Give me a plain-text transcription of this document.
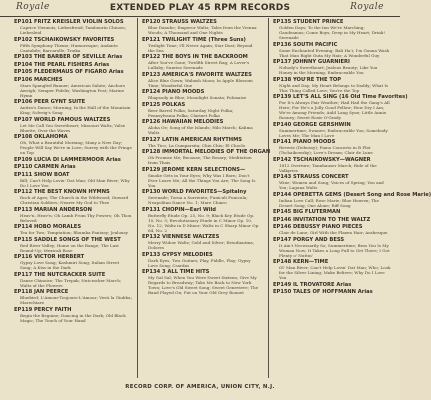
Royale	EXTENDED PLAY 45 RPM RECORDS	Royale
EP101 FRITZ KREISLER VIOLIN SOLOS
Caprice Viennois; Liebesfreud; Tambourin Chinois; Liebesleid
EP102 TSCHAIKOWSKY FAVORITES
Fifth Symphony Theme; Humoresque; Andante Cantabile; Barcarolle; Troika
EP103 THE BARBER OF SEVILLE Arias
EP104 THE PEARL FISHERS Arias
EP105 FLEDERMAUS OF FIGARO Arias
EP106 MARCHES
Stars Spangled Banner; American Salute; Anchors Aweigh; Semper Fidelis; Washington Post; Marine Hymn
EP106 PEER GYNT SUITE
Anitra's Dance; Morning; In the Hall of the Mountain King; Solveig's Song
EP107 WORLD FAMOUS WALTZES
Let Me Call You Sweetheart; Missouri Waltz; Valse Bluette; Over the Waves
EP108 OKLAHOMA
Oh, What a Beautiful Morning; Many a New Day; People Will Say We're in Love; Surrey with the Fringe on Top
EP109 LUCIA DI LAMMERMOOR Arias
EP110 CARMEN Arias
EP111 SHOW BOAT
Bill; Can't Help Lovin' Dat Man; Old Man River; Why Do I Love You
EP112 THE BEST KNOWN HYMNS
Rock of Ages; The Church in the Wildwood; Onward Christian Soldiers; Nearer My God to Thee
EP113 MARIAN ANDERSON
Heav'n, Heav'n; Oh Lamb From Thy Powers; Oh Thou Beloved
EP114 HOBO MORALES
Tea for Two; Temptation; Rhumba Fantasy; Jealousy
EP115 SADDLE SONGS OF THE WEST
Red River Valley; Home on the Range; The Last Round-Up; Mexicali Rose
EP116 VICTOR HERBERT
Gypsy Love Song; Kashmiri Song; Italian Street Song; A Kiss in the Dark
EP117 THE NUTCRACKER SUITE
Danse Chinoise; The Trepak; Nutcracker March; Waltz of the Flowers
EP118 JAN PEERCE
Bluebird; L'Amour-Toujours-L'Amour; Vesti la Giubba; Marechiare
EP119 PERCY FAITH
Begin the Beguine; Dancing in the Dark; Old Black Magic; The Touch of Your Hand
EP120 STRAUSS WALTZES
Blue Danube; Emperor Waltz; Tales from the Vienna Woods; A Thousand and One Nights
EP121 TWILIGHT TIME (Three Suns)
Twilight Time; I'll Never Again; Star Dust; Beyond the Sea
EP122 THE BOYS IN THE BACKROOM
After You've Gone; Twelfth Street Rag; A Lover's Lullaby; Sunrise Serenade
EP123 AMERICA'S FAVORITE WALTZES
Alice Blue Gown; Wabash Moon; In Apple Blossom Time; Wonderful One
EP124 PIANO MOODS
Rhapsody in Blue; Moonlight Sonata; Polonaise
EP125 POLKAS
Beer Barrel Polka; Saturday Night Polka; Pennsylvania Polka; Clarinet Polka
EP126 HAWAIIAN MELODIES
Aloha Oe; Song of the Islands; Hilo March; Kalima Waltz
EP127 LATIN AMERICAN RHYTHMS
The Tico; La Cumparsita; Chiu Chiu; El Choclo
EP128 IMMORTAL MELODIES OF THE ORGAN
Oh Promise Me; Because; The Rosary; Meditation from Thais
EP129 JEROME KERN SELECTIONS—
Smoke Gets in Your Eyes; Why Was I Born; Don't Ever Leave Me; All the Things You Are; The Song Is You
EP130 WORLD FAVORITES—Spitalny
Serenade; Torna a Surriento; Funiculi Funicula; Neapolitan Dance No. 1; Mare Chiaro
EP131 CHOPIN—Earl Wild
Butterfly Etude Op. 25, No. 9; Black Key Etude Op. 10, No. 5; Revolutionary Etude in C Minor Op. 10, No. 12; Waltz in D Minor; Waltz in C Sharp Minor Op. 64, No. 2
EP132 VIENNESE WALTZES
Merry Widow Waltz; Gold and Silver; Estudiantina; Dolores
EP133 GYPSY MELODIES
Dark Eyes; Two Guitars; Play, Fiddle, Play; Gypsy Love Song; Csardas
EP134 3 ALL TIME HITS
My Gal Sal; When You Were Sweet Sixteen; Give My Regards to Broadway; Take Me Back to New York Town; Love's Old Sweet Song; Sweet Genevieve; The Band Played On; Put on Your Old Grey Bonnet
EP135 STUDENT PRINCE
Golden Days; To the Inn We're Marching; Gaudeamus; Come Boys; Deep in My Heart; Drink! Serenade
EP136 SOUTH PACIFIC
Some Enchanted Evening; Bali Ha'i; I'm Gonna Wash That Man Right Outa My Hair; A Wonderful Guy
EP137 JOHNNY GUARNIERI
Nobody's Sweetheart; Jealous Beauty; Like You Honey in the Morning; Embraceable You
EP138 YOU'RE THE TOP
Night and Day; My Heart Belongs to Daddy; What Is This Thing Called Love; You're the Top
EP139 LET'S ALL SING (16 Old Time Favorites)
For It's Always Fair Weather; Hail Hail the Gang's All Here; For He's a Jolly Good Fellow; How Dry I Am; We're Among Friends; Auld Lang Syne; Little Annie Rooney; Sweet Rosie O'Grady
EP140 GEORGE GERSHWIN
Summertime; Swanee; Embraceable You; Somebody Loves Me; The Man I Love
EP141 PIANO MOODS
Reverie (Debussy); Piano Concerto in B Flat (Tschaikowsky); Love's Dream; Clair de Lune
EP142 TSCHAIKOWSKY—WAGNER
1812 Overture; Tannhauser March; Ride of the Valkyries
EP143 STRAUSS CONCERT
Wine, Women and Song; Voices of Spring; You and You; Laguna Waltz
EP144 OPERETTA GEMS (Desert Song and Rose Marie)
Indian Love Call; Rose Marie; Blue Heaven; The Desert Song; One Alone; Riff Song
EP145 BIG FLUTERMAN
EP146 INVITATION TO THE WALTZ
EP146 DEBUSSY PIANO PIECES
Clair de Lune; Girl With the Flaxen Hair; Arabesque
EP147 PORGY AND BESS
It Ain't Necessarily So; Summertime; Bess You Is My Woman Now; It Takes a Long Pull to Get There; I Got Plenty o' Nuttin'
EP148 KERN—TIME
Ol' Man River; Can't Help Lovin' Dat Man; Who; Look for the Silver Lining; Make Believe; Why Do I Love You
EP149 IL TROVATORE Arias
EP150 TALES OF HOFFMANN Arias
RECORD CORP. OF AMERICA, UNION CITY, N.J.
